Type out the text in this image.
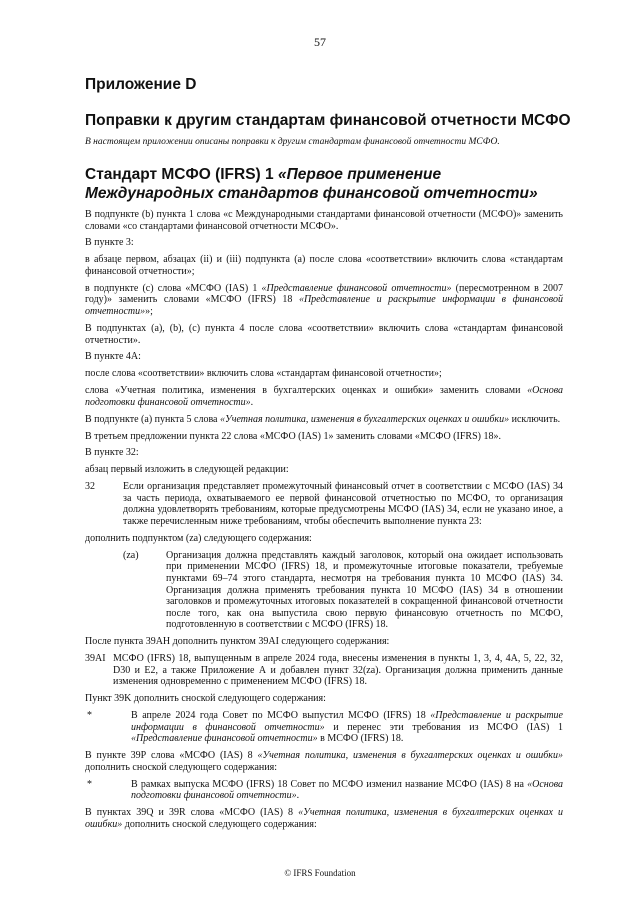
57
Приложение D
Поправки к другим стандартам финансовой отчетности МСФО
В настоящем приложении описаны поправки к другим стандартам финансовой отчетности МСФО.
Стандарт МСФО (IFRS) 1 «Первое применение Международных стандартов финансовой отчетности»

В подпункте (b) пункта 1 слова «с Международными стандартами финансовой отчетности (МСФО)» заменить словами «со стандартами финансовой отчетности МСФО».

В пункте 3:

в абзаце первом, абзацах (ii) и (iii) подпункта (а) после слова «соответствии» включить слова «стандартам финансовой отчетности»;

в подпункте (с) слова «МСФО (IAS) 1 «Представление финансовой отчетности» (пересмотренном в 2007 году)» заменить словами «МСФО (IFRS) 18 «Представление и раскрытие информации в финансовой отчетности»»;

В подпунктах (а), (b), (с) пункта 4 после слова «соответствии» включить слова «стандартам финансовой отчетности».

В пункте 4А:

после слова «соответствии» включить слова «стандартам финансовой отчетности»;

слова «Учетная политика, изменения в бухгалтерских оценках и ошибки» заменить словами «Основа подготовки финансовой отчетности».

В подпункте (а) пункта 5 слова «Учетная политика, изменения в бухгалтерских оценках и ошибки» исключить.

В третьем предложении пункта 22 слова «МСФО (IAS) 1» заменить словами «МСФО (IFRS) 18».

В пункте 32:

абзац первый изложить в следующей редакции:

32	Если организация представляет промежуточный финансовый отчет в соответствии с МСФО (IAS) 34 за часть периода, охватываемого ее первой финансовой отчетностью по МСФО, то организация должна удовлетворять требованиям, которые предусмотрены МСФО (IAS) 34, если не указано иное, а также перечисленным ниже требованиям, чтобы обеспечить выполнение пункта 23:

дополнить подпунктом (za) следующего содержания:

(za)	Организация должна представлять каждый заголовок, который она ожидает использовать при применении МСФО (IFRS) 18, и промежуточные итоговые показатели, требуемые пунктами 69–74 этого стандарта, несмотря на требования пункта 10 МСФО (IAS) 34. Организация должна применять требования пункта 10 МСФО (IAS) 34 в отношении заголовков и промежуточных итоговых показателей в сокращенной финансовой отчетности после того, как она выпустила свою первую финансовую отчетность по МСФО, подготовленную в соответствии с МСФО (IFRS) 18.

После пункта 39АН дополнить пунктом 39AI следующего содержания:

39AI МСФО (IFRS) 18, выпущенным в апреле 2024 года, внесены изменения в пункты 1, 3, 4, 4А, 5, 22, 32, D30 и E2, а также Приложение А и добавлен пункт 32(za). Организация должна применить данные изменения одновременно с применением МСФО (IFRS) 18.

Пункт 39K дополнить сноской следующего содержания:

*	В апреле 2024 года Совет по МСФО выпустил МСФО (IFRS) 18 «Представление и раскрытие информации в финансовой отчетности» и перенес эти требования из МСФО (IAS) 1 «Представление финансовой отчетности» в МСФО (IFRS) 18.

В пункте 39Р слова «МСФО (IAS) 8 «Учетная политика, изменения в бухгалтерских оценках и ошибки» дополнить сноской следующего содержания:

*	В рамках выпуска МСФО (IFRS) 18 Совет по МСФО изменил название МСФО (IAS) 8 на «Основа подготовки финансовой отчетности».

В пунктах 39Q и 39R слова «МСФО (IAS) 8 «Учетная политика, изменения в бухгалтерских оценках и ошибки» дополнить сноской следующего содержания:

© IFRS Foundation
